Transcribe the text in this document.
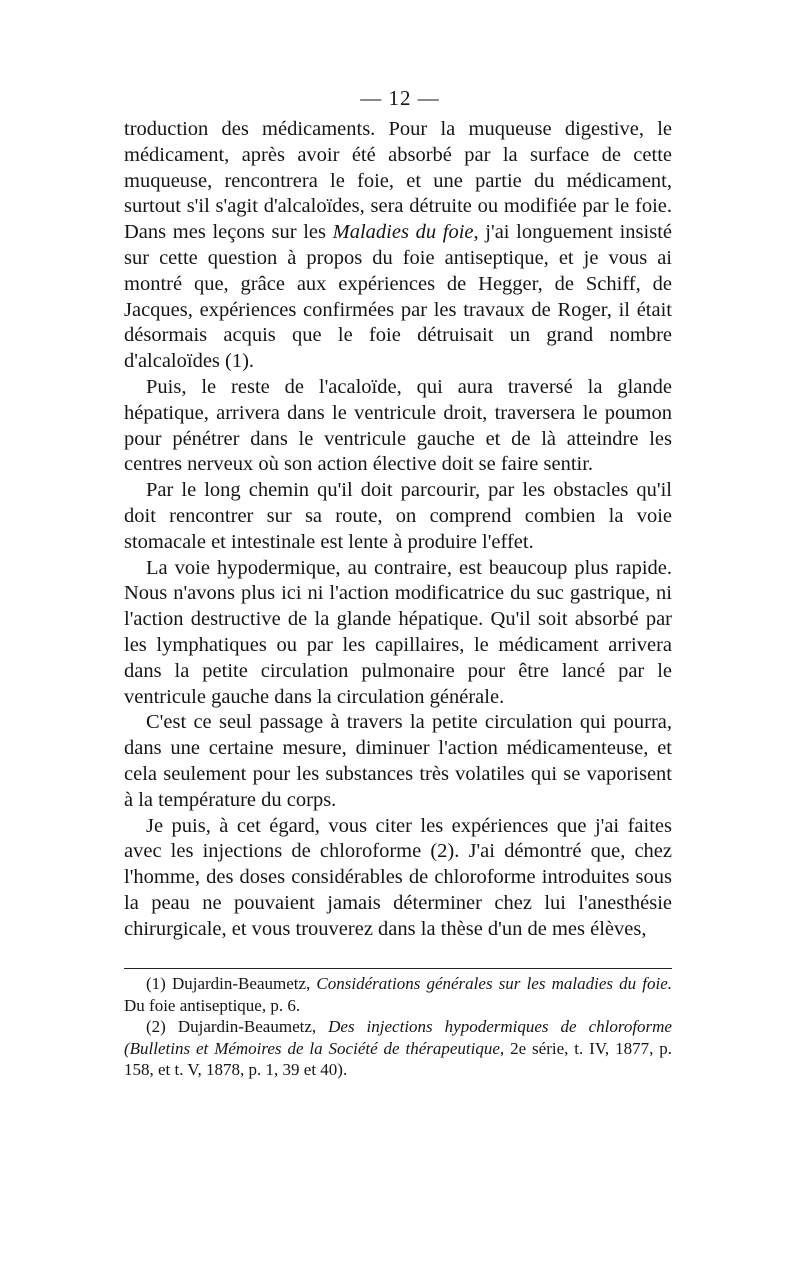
— 12 —

troduction des médicaments. Pour la muqueuse digestive, le médicament, après avoir été absorbé par la surface de cette muqueuse, rencontrera le foie, et une partie du médicament, surtout s'il s'agit d'alcaloïdes, sera détruite ou modifiée par le foie. Dans mes leçons sur les Maladies du foie, j'ai longuement insisté sur cette question à propos du foie antiseptique, et je vous ai montré que, grâce aux expériences de Hegger, de Schiff, de Jacques, expériences confirmées par les travaux de Roger, il était désormais acquis que le foie détruisait un grand nombre d'alcaloïdes (1).

Puis, le reste de l'acaloïde, qui aura traversé la glande hépatique, arrivera dans le ventricule droit, traversera le poumon pour pénétrer dans le ventricule gauche et de là atteindre les centres nerveux où son action élective doit se faire sentir.

Par le long chemin qu'il doit parcourir, par les obstacles qu'il doit rencontrer sur sa route, on comprend combien la voie stomacale et intestinale est lente à produire l'effet.

La voie hypodermique, au contraire, est beaucoup plus rapide. Nous n'avons plus ici ni l'action modificatrice du suc gastrique, ni l'action destructive de la glande hépatique. Qu'il soit absorbé par les lymphatiques ou par les capillaires, le médicament arrivera dans la petite circulation pulmonaire pour être lancé par le ventricule gauche dans la circulation générale.

C'est ce seul passage à travers la petite circulation qui pourra, dans une certaine mesure, diminuer l'action médicamenteuse, et cela seulement pour les substances très volatiles qui se vaporisent à la température du corps.

Je puis, à cet égard, vous citer les expériences que j'ai faites avec les injections de chloroforme (2). J'ai démontré que, chez l'homme, des doses considérables de chloroforme introduites sous la peau ne pouvaient jamais déterminer chez lui l'anesthésie chirurgicale, et vous trouverez dans la thèse d'un de mes élèves,

(1) Dujardin-Beaumetz, Considérations générales sur les maladies du foie. Du foie antiseptique, p. 6.

(2) Dujardin-Beaumetz, Des injections hypodermiques de chloroforme (Bulletins et Mémoires de la Société de thérapeutique, 2e série, t. IV, 1877, p. 158, et t. V, 1878, p. 1, 39 et 40).
